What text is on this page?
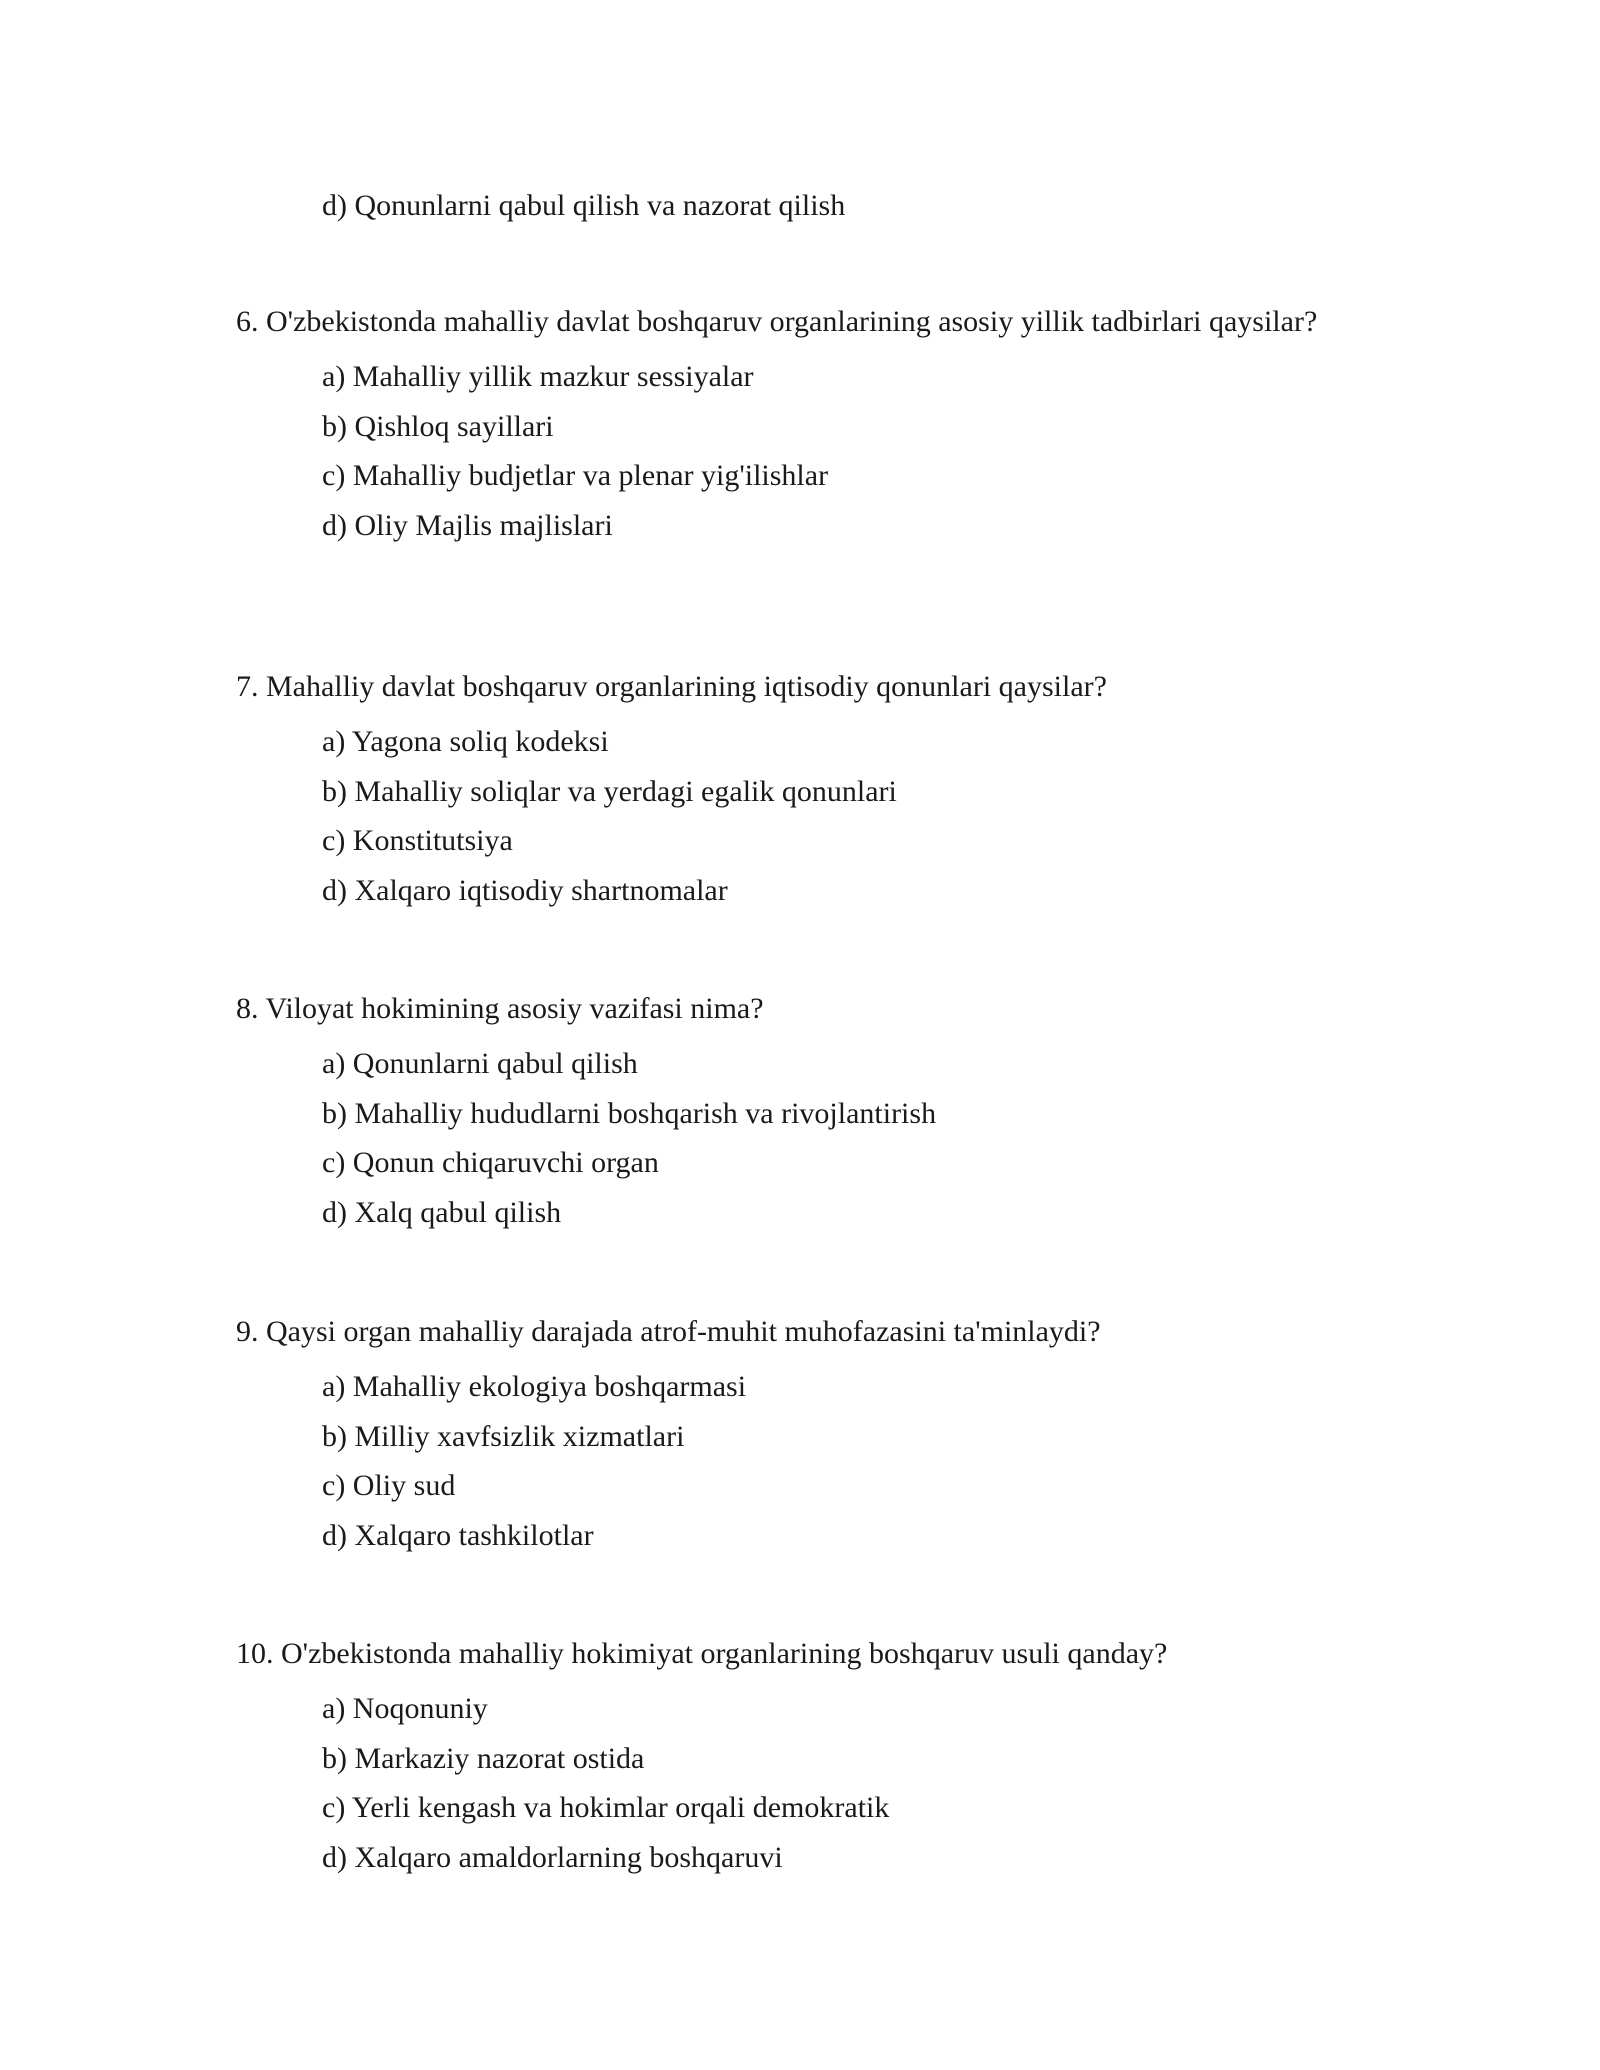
d) Qonunlarni qabul qilish va nazorat qilish

6. O'zbekistonda mahalliy davlat boshqaruv organlarining asosiy yillik tadbirlari qaysilar?

a) Mahalliy yillik mazkur sessiyalar
b) Qishloq sayillari
c) Mahalliy budjetlar va plenar yig'ilishlar
d) Oliy Majlis majlislari

7. Mahalliy davlat boshqaruv organlarining iqtisodiy qonunlari qaysilar?

a) Yagona soliq kodeksi
b) Mahalliy soliqlar va yerdagi egalik qonunlari
c) Konstitutsiya
d) Xalqaro iqtisodiy shartnomalar

8. Viloyat hokimining asosiy vazifasi nima?

a) Qonunlarni qabul qilish
b) Mahalliy hududlarni boshqarish va rivojlantirish
c) Qonun chiqaruvchi organ
d) Xalq qabul qilish

9. Qaysi organ mahalliy darajada atrof-muhit muhofazasini ta'minlaydi?

a) Mahalliy ekologiya boshqarmasi
b) Milliy xavfsizlik xizmatlari
c) Oliy sud
d) Xalqaro tashkilotlar

10. O'zbekistonda mahalliy hokimiyat organlarining boshqaruv usuli qanday?

a) Noqonuniy
b) Markaziy nazorat ostida
c) Yerli kengash va hokimlar orqali demokratik
d) Xalqaro amaldorlarning boshqaruvi
